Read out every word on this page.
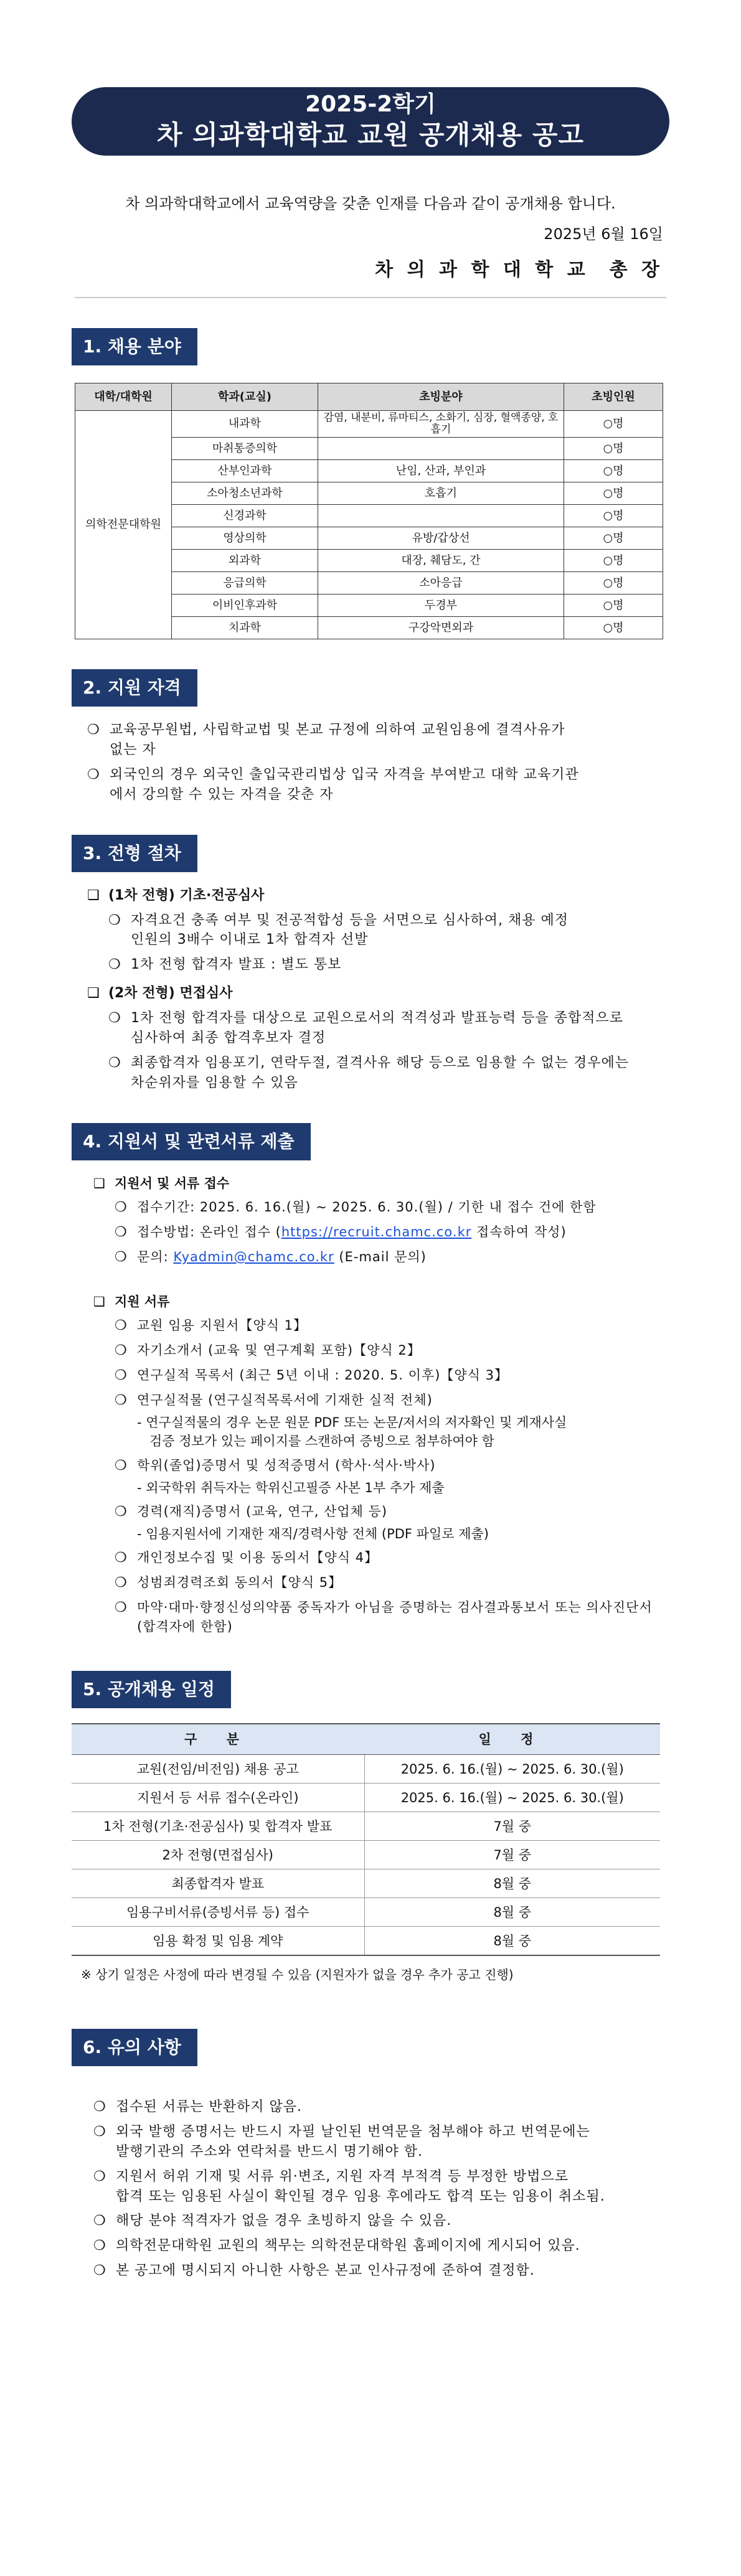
2025-2학기
차 의과학대학교 교원 공개채용 공고
차 의과학대학교에서 교육역량을 갖춘 인재를 다음과 같이 공개채용 합니다.
2025년 6월 16일
차 의 과 학 대 학 교  총 장
1. 채용 분야
대학/대학원	학과(교실)	초빙분야	초빙인원
의학전문대학원	내과학	감염, 내분비, 류마티스, 소화기, 심장, 혈액종양, 호흡기	○명
	마취통증의학		○명
	산부인과학	난임, 산과, 부인과	○명
	소아청소년과학	호흡기	○명
	신경과학		○명
	영상의학	유방/갑상선	○명
	외과학	대장, 췌담도, 간	○명
	응급의학	소아응급	○명
	이비인후과학	두경부	○명
	치과학	구강악면외과	○명
2. 지원 자격
❍ 교육공무원법, 사립학교법 및 본교 규정에 의하여 교원임용에 결격사유가
없는 자
❍ 외국인의 경우 외국인 출입국관리법상 입국 자격을 부여받고 대학 교육기관
에서 강의할 수 있는 자격을 갖춘 자
3. 전형 절차
❑ (1차 전형) 기초·전공심사
❍ 자격요건 충족 여부 및 전공적합성 등을 서면으로 심사하여, 채용 예정
인원의 3배수 이내로 1차 합격자 선발
❍ 1차 전형 합격자 발표 : 별도 통보
❑ (2차 전형) 면접심사
❍ 1차 전형 합격자를 대상으로 교원으로서의 적격성과 발표능력 등을 종합적으로
심사하여 최종 합격후보자 결정
❍ 최종합격자 임용포기, 연락두절, 결격사유 해당 등으로 임용할 수 없는 경우에는
차순위자를 임용할 수 있음
4. 지원서 및 관련서류 제출
❑ 지원서 및 서류 접수
❍ 접수기간: 2025. 6. 16.(월) ~ 2025. 6. 30.(월) / 기한 내 접수 건에 한함
❍ 접수방법: 온라인 접수 (https://recruit.chamc.co.kr 접속하여 작성)
❍ 문의: Kyadmin@chamc.co.kr (E-mail 문의)
❑ 지원 서류
❍ 교원 임용 지원서【양식 1】
❍ 자기소개서 (교육 및 연구계획 포함)【양식 2】
❍ 연구실적 목록서 (최근 5년 이내 : 2020. 5. 이후)【양식 3】
❍ 연구실적물 (연구실적목록서에 기재한 실적 전체)
- 연구실적물의 경우 논문 원문 PDF 또는 논문/저서의 저자확인 및 게재사실
검증 정보가 있는 페이지를 스캔하여 증빙으로 첨부하여야 함
❍ 학위(졸업)증명서 및 성적증명서 (학사·석사·박사)
- 외국학위 취득자는 학위신고필증 사본 1부 추가 제출
❍ 경력(재직)증명서 (교육, 연구, 산업체 등)
- 임용지원서에 기재한 재직/경력사항 전체 (PDF 파일로 제출)
❍ 개인정보수집 및 이용 동의서【양식 4】
❍ 성범죄경력조회 동의서【양식 5】
❍ 마약·대마·향정신성의약품 중독자가 아님을 증명하는 검사결과통보서 또는 의사진단서
(합격자에 한함)
5. 공개채용 일정
구 분	일 정
교원(전임/비전임) 채용 공고	2025. 6. 16.(월) ~ 2025. 6. 30.(월)
지원서 등 서류 접수(온라인)	2025. 6. 16.(월) ~ 2025. 6. 30.(월)
1차 전형(기초·전공심사) 및 합격자 발표	7월 중
2차 전형(면접심사)	7월 중
최종합격자 발표	8월 중
임용구비서류(증빙서류 등) 접수	8월 중
임용 확정 및 임용 계약	8월 중
※ 상기 일정은 사정에 따라 변경될 수 있음 (지원자가 없을 경우 추가 공고 진행)
6. 유의 사항
❍ 접수된 서류는 반환하지 않음.
❍ 외국 발행 증명서는 반드시 자필 날인된 번역문을 첨부해야 하고 번역문에는
발행기관의 주소와 연락처를 반드시 명기해야 함.
❍ 지원서 허위 기재 및 서류 위·변조, 지원 자격 부적격 등 부정한 방법으로
합격 또는 임용된 사실이 확인될 경우 임용 후에라도 합격 또는 임용이 취소됨.
❍ 해당 분야 적격자가 없을 경우 초빙하지 않을 수 있음.
❍ 의학전문대학원 교원의 책무는 의학전문대학원 홈페이지에 게시되어 있음.
❍ 본 공고에 명시되지 아니한 사항은 본교 인사규정에 준하여 결정함.
